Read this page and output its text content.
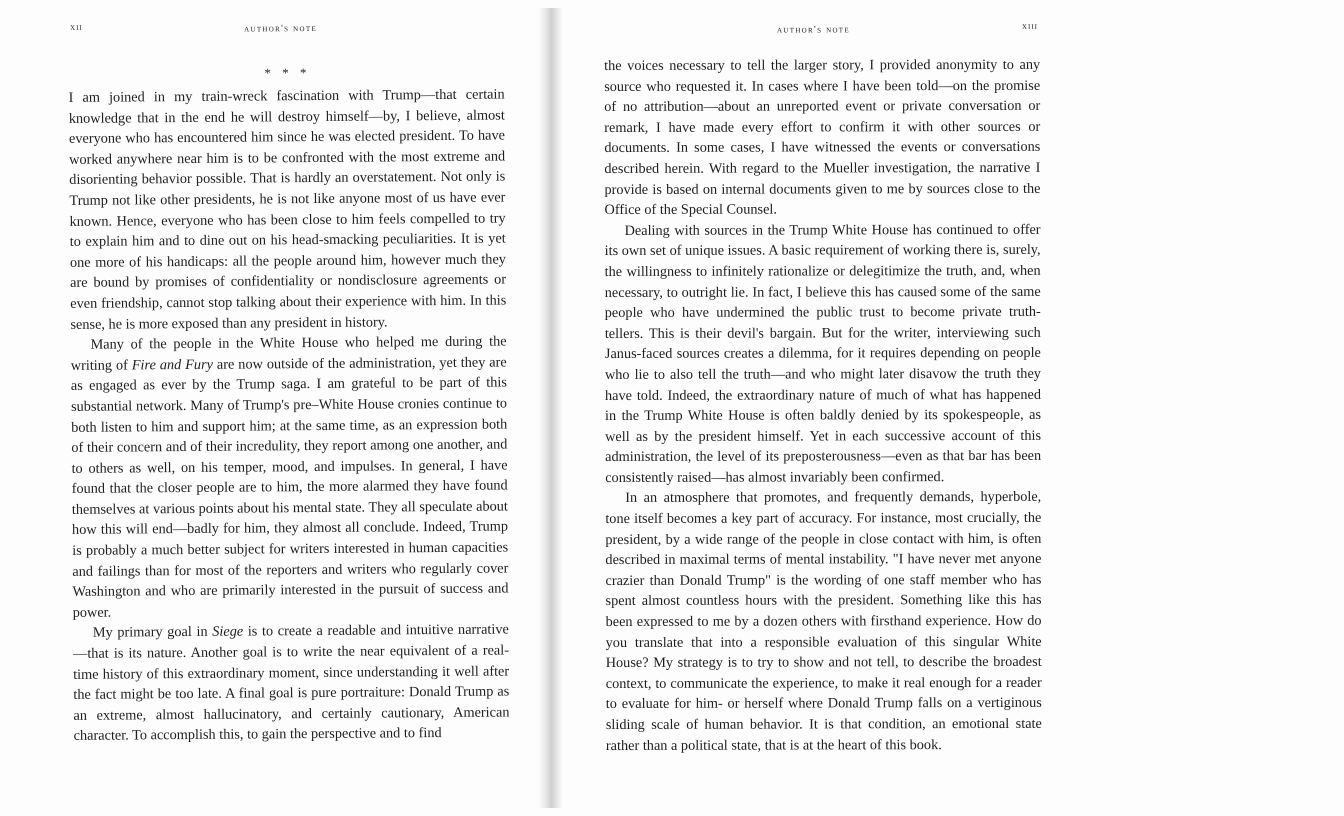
xii	author's note
* * *

I am joined in my train-wreck fascination with Trump—that certain knowledge that in the end he will destroy himself—by, I believe, almost everyone who has encountered him since he was elected president. To have worked anywhere near him is to be confronted with the most extreme and disorienting behavior possible. That is hardly an overstatement. Not only is Trump not like other presidents, he is not like anyone most of us have ever known. Hence, everyone who has been close to him feels compelled to try to explain him and to dine out on his head-smacking peculiarities. It is yet one more of his handicaps: all the people around him, however much they are bound by promises of confidentiality or nondisclosure agreements or even friendship, cannot stop talking about their experience with him. In this sense, he is more exposed than any president in history.

Many of the people in the White House who helped me during the writing of Fire and Fury are now outside of the administration, yet they are as engaged as ever by the Trump saga. I am grateful to be part of this substantial network. Many of Trump's pre–White House cronies continue to both listen to him and support him; at the same time, as an expression both of their concern and of their incredulity, they report among one another, and to others as well, on his temper, mood, and impulses. In general, I have found that the closer people are to him, the more alarmed they have found themselves at various points about his mental state. They all speculate about how this will end—badly for him, they almost all conclude. Indeed, Trump is probably a much better subject for writers interested in human capacities and failings than for most of the reporters and writers who regularly cover Washington and who are primarily interested in the pursuit of success and power.

My primary goal in Siege is to create a readable and intuitive narrative—that is its nature. Another goal is to write the near equivalent of a real-time history of this extraordinary moment, since understanding it well after the fact might be too late. A final goal is pure portraiture: Donald Trump as an extreme, almost hallucinatory, and certainly cautionary, American character. To accomplish this, to gain the perspective and to find

author's note	xiii

the voices necessary to tell the larger story, I provided anonymity to any source who requested it. In cases where I have been told—on the promise of no attribution—about an unreported event or private conversation or remark, I have made every effort to confirm it with other sources or documents. In some cases, I have witnessed the events or conversations described herein. With regard to the Mueller investigation, the narrative I provide is based on internal documents given to me by sources close to the Office of the Special Counsel.

Dealing with sources in the Trump White House has continued to offer its own set of unique issues. A basic requirement of working there is, surely, the willingness to infinitely rationalize or delegitimize the truth, and, when necessary, to outright lie. In fact, I believe this has caused some of the same people who have undermined the public trust to become private truth-tellers. This is their devil's bargain. But for the writer, interviewing such Janus-faced sources creates a dilemma, for it requires depending on people who lie to also tell the truth—and who might later disavow the truth they have told. Indeed, the extraordinary nature of much of what has happened in the Trump White House is often baldly denied by its spokespeople, as well as by the president himself. Yet in each successive account of this administration, the level of its preposterousness—even as that bar has been consistently raised—has almost invariably been confirmed.

In an atmosphere that promotes, and frequently demands, hyperbole, tone itself becomes a key part of accuracy. For instance, most crucially, the president, by a wide range of the people in close contact with him, is often described in maximal terms of mental instability. "I have never met anyone crazier than Donald Trump" is the wording of one staff member who has spent almost countless hours with the president. Something like this has been expressed to me by a dozen others with firsthand experience. How do you translate that into a responsible evaluation of this singular White House? My strategy is to try to show and not tell, to describe the broadest context, to communicate the experience, to make it real enough for a reader to evaluate for him- or herself where Donald Trump falls on a vertiginous sliding scale of human behavior. It is that condition, an emotional state rather than a political state, that is at the heart of this book.
